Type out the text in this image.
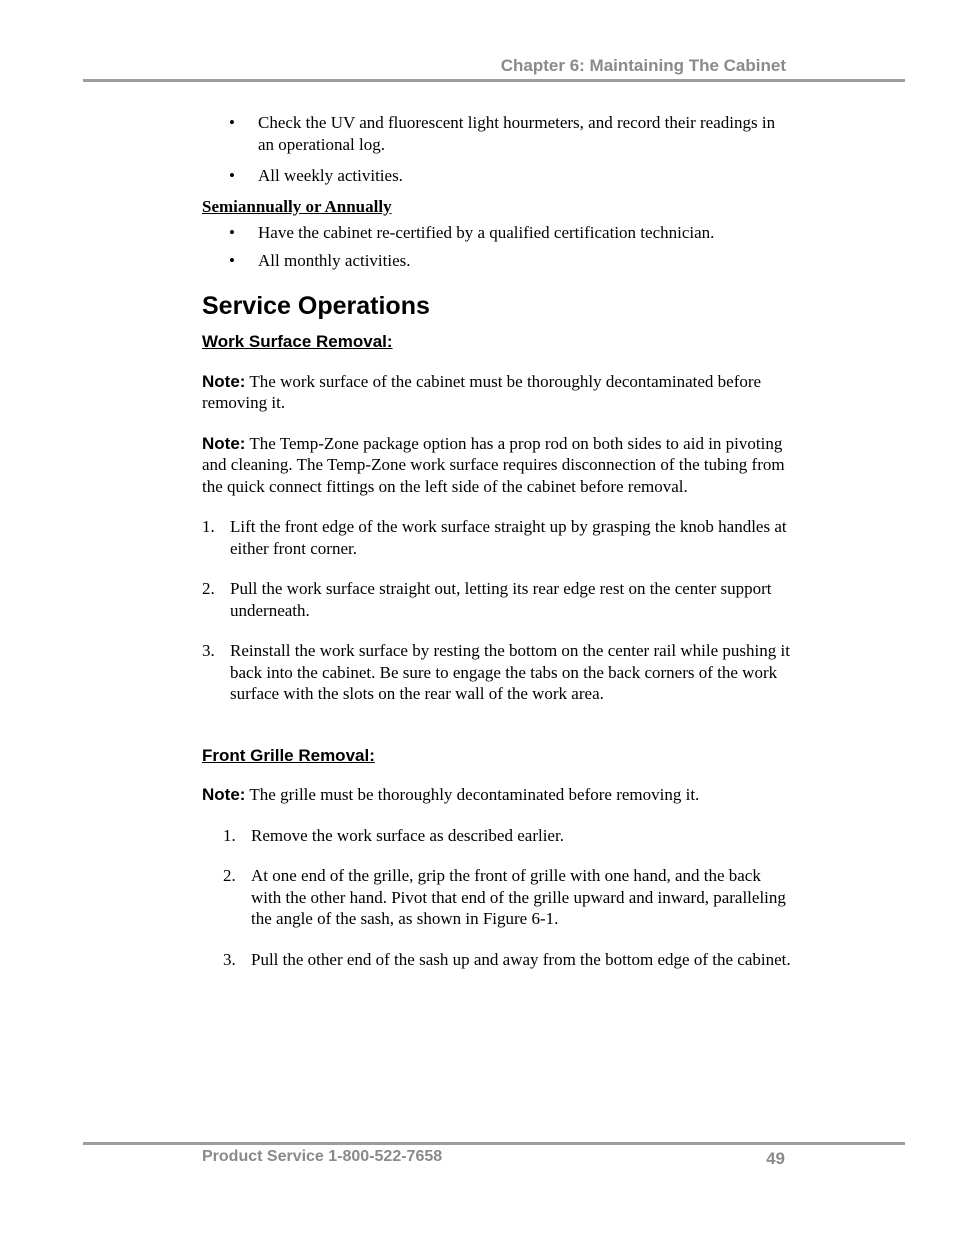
Chapter 6: Maintaining The Cabinet
• Check the UV and fluorescent light hourmeters, and record their readings in an operational log.
• All weekly activities.
Semiannually or Annually
• Have the cabinet re-certified by a qualified certification technician.
• All monthly activities.
Service Operations
Work Surface Removal:

Note: The work surface of the cabinet must be thoroughly decontaminated before removing it.

Note: The Temp-Zone package option has a prop rod on both sides to aid in pivoting and cleaning. The Temp-Zone work surface requires disconnection of the tubing from the quick connect fittings on the left side of the cabinet before removal.

1. Lift the front edge of the work surface straight up by grasping the knob handles at either front corner.
2. Pull the work surface straight out, letting its rear edge rest on the center support underneath.
3. Reinstall the work surface by resting the bottom on the center rail while pushing it back into the cabinet. Be sure to engage the tabs on the back corners of the work surface with the slots on the rear wall of the work area.
Front Grille Removal:

Note: The grille must be thoroughly decontaminated before removing it.

1. Remove the work surface as described earlier.
2. At one end of the grille, grip the front of grille with one hand, and the back with the other hand. Pivot that end of the grille upward and inward, paralleling the angle of the sash, as shown in Figure 6-1.
3. Pull the other end of the sash up and away from the bottom edge of the cabinet.
Product Service 1-800-522-7658	49
